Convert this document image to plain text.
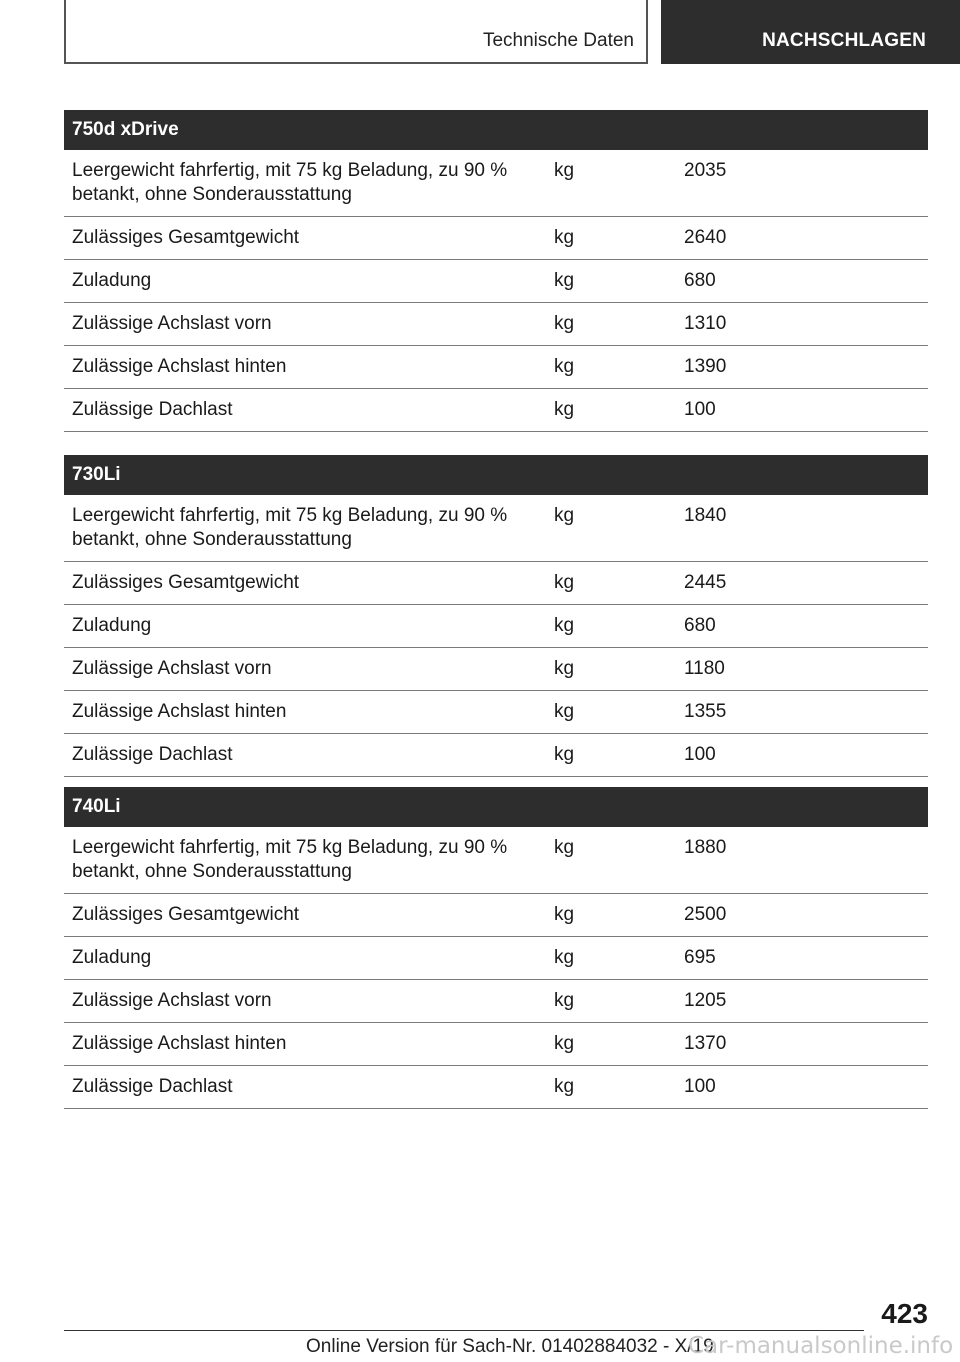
Technische Daten	NACHSCHLAGEN
750d xDrive		
Leergewicht fahrfertig, mit 75 kg Beladung, zu 90 % betankt, ohne Sonderausstattung	kg	2035
Zulässiges Gesamtgewicht	kg	2640
Zuladung	kg	680
Zulässige Achslast vorn	kg	1310
Zulässige Achslast hinten	kg	1390
Zulässige Dachlast	kg	100
730Li		
Leergewicht fahrfertig, mit 75 kg Beladung, zu 90 % betankt, ohne Sonderausstattung	kg	1840
Zulässiges Gesamtgewicht	kg	2445
Zuladung	kg	680
Zulässige Achslast vorn	kg	1180
Zulässige Achslast hinten	kg	1355
Zulässige Dachlast	kg	100
740Li		
Leergewicht fahrfertig, mit 75 kg Beladung, zu 90 % betankt, ohne Sonderausstattung	kg	1880
Zulässiges Gesamtgewicht	kg	2500
Zuladung	kg	695
Zulässige Achslast vorn	kg	1205
Zulässige Achslast hinten	kg	1370
Zulässige Dachlast	kg	100
423
Online Version für Sach-Nr. 01402884032 - X/19
Car-manualsonline.info
